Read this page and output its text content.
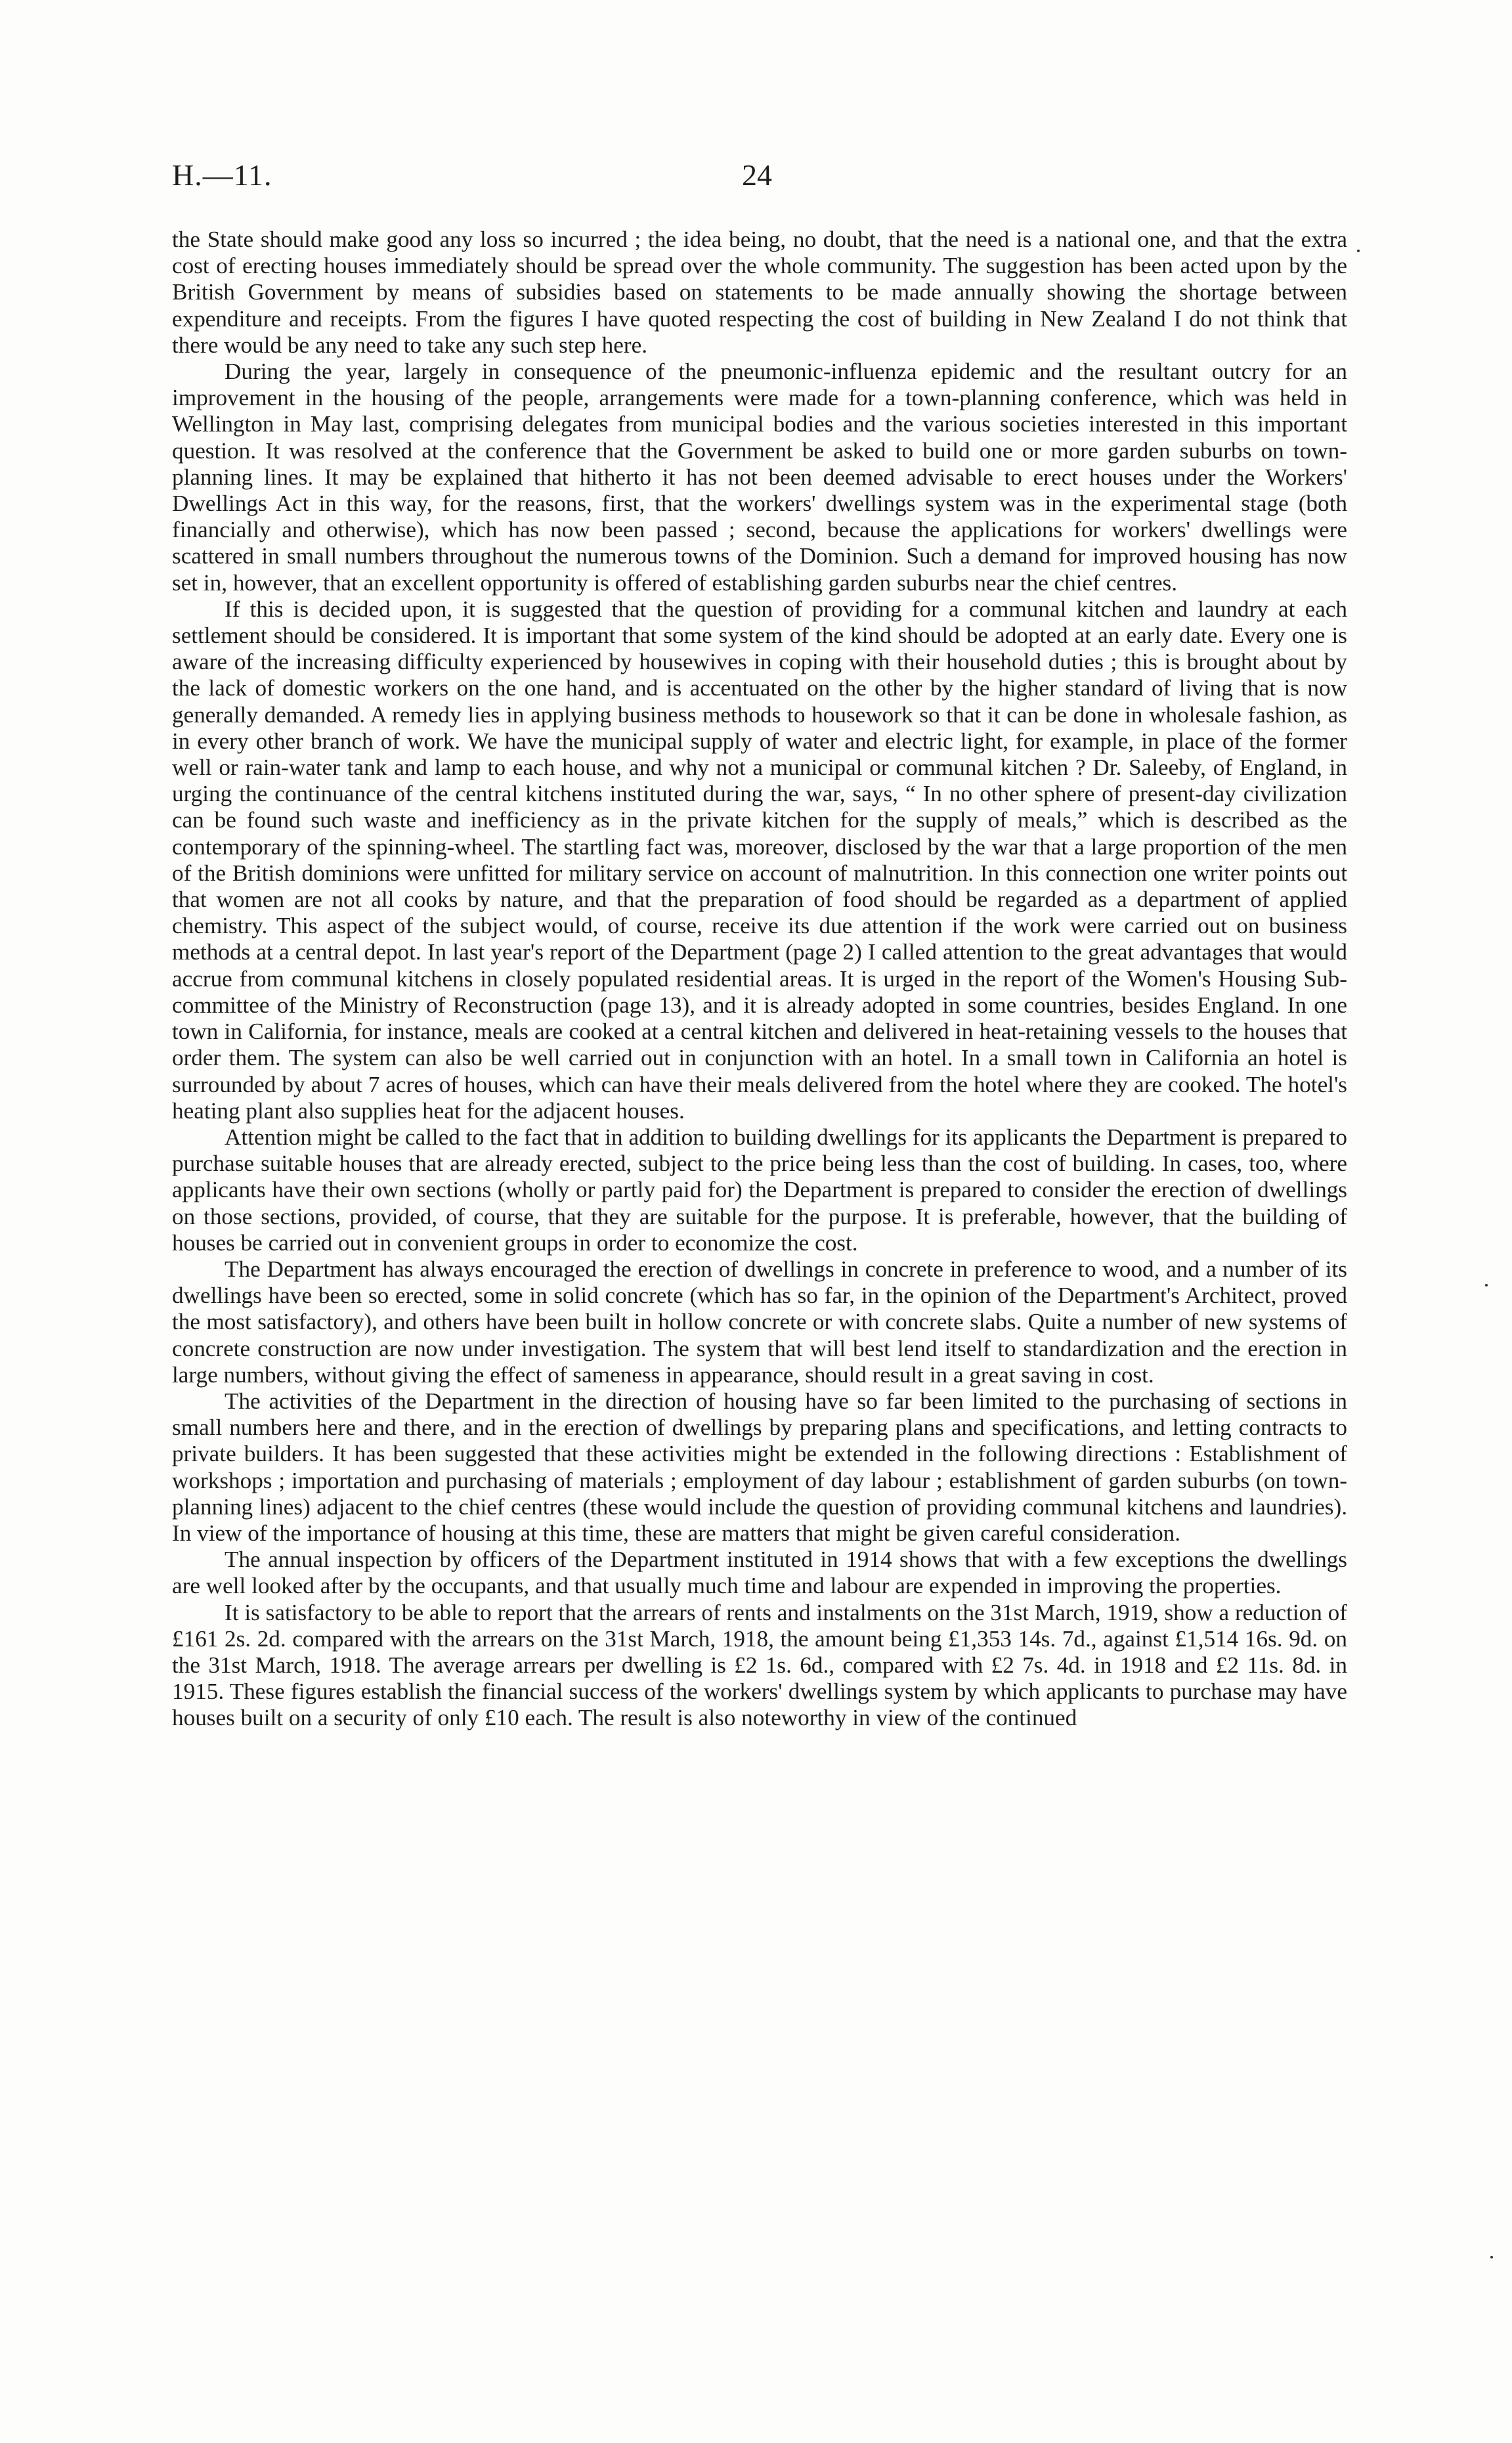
H.—11.	24

the State should make good any loss so incurred ; the idea being, no doubt, that the need is a national one, and that the extra cost of erecting houses immediately should be spread over the whole community. The suggestion has been acted upon by the British Government by means of subsidies based on statements to be made annually showing the shortage between expenditure and receipts. From the figures I have quoted respecting the cost of building in New Zealand I do not think that there would be any need to take any such step here.

During the year, largely in consequence of the pneumonic-influenza epidemic and the resultant outcry for an improvement in the housing of the people, arrangements were made for a town-planning conference, which was held in Wellington in May last, comprising delegates from municipal bodies and the various societies interested in this important question. It was resolved at the conference that the Government be asked to build one or more garden suburbs on town-planning lines. It may be explained that hitherto it has not been deemed advisable to erect houses under the Workers' Dwellings Act in this way, for the reasons, first, that the workers' dwellings system was in the experimental stage (both financially and otherwise), which has now been passed ; second, because the applications for workers' dwellings were scattered in small numbers throughout the numerous towns of the Dominion. Such a demand for improved housing has now set in, however, that an excellent opportunity is offered of establishing garden suburbs near the chief centres.

If this is decided upon, it is suggested that the question of providing for a communal kitchen and laundry at each settlement should be considered. It is important that some system of the kind should be adopted at an early date. Every one is aware of the increasing difficulty experienced by housewives in coping with their household duties ; this is brought about by the lack of domestic workers on the one hand, and is accentuated on the other by the higher standard of living that is now generally demanded. A remedy lies in applying business methods to housework so that it can be done in wholesale fashion, as in every other branch of work. We have the municipal supply of water and electric light, for example, in place of the former well or rain-water tank and lamp to each house, and why not a municipal or communal kitchen ? Dr. Saleeby, of England, in urging the continuance of the central kitchens instituted during the war, says, “ In no other sphere of present-day civilization can be found such waste and inefficiency as in the private kitchen for the supply of meals,” which is described as the contemporary of the spinning-wheel. The startling fact was, moreover, disclosed by the war that a large proportion of the men of the British dominions were unfitted for military service on account of malnutrition. In this connection one writer points out that women are not all cooks by nature, and that the preparation of food should be regarded as a department of applied chemistry. This aspect of the subject would, of course, receive its due attention if the work were carried out on business methods at a central depot. In last year's report of the Department (page 2) I called attention to the great advantages that would accrue from communal kitchens in closely populated residential areas. It is urged in the report of the Women's Housing Sub-committee of the Ministry of Reconstruction (page 13), and it is already adopted in some countries, besides England. In one town in California, for instance, meals are cooked at a central kitchen and delivered in heat-retaining vessels to the houses that order them. The system can also be well carried out in conjunction with an hotel. In a small town in California an hotel is surrounded by about 7 acres of houses, which can have their meals delivered from the hotel where they are cooked. The hotel's heating plant also supplies heat for the adjacent houses.

Attention might be called to the fact that in addition to building dwellings for its applicants the Department is prepared to purchase suitable houses that are already erected, subject to the price being less than the cost of building. In cases, too, where applicants have their own sections (wholly or partly paid for) the Department is prepared to consider the erection of dwellings on those sections, provided, of course, that they are suitable for the purpose. It is preferable, however, that the building of houses be carried out in convenient groups in order to economize the cost.

The Department has always encouraged the erection of dwellings in concrete in preference to wood, and a number of its dwellings have been so erected, some in solid concrete (which has so far, in the opinion of the Department's Architect, proved the most satisfactory), and others have been built in hollow concrete or with concrete slabs. Quite a number of new systems of concrete construction are now under investigation. The system that will best lend itself to standardization and the erection in large numbers, without giving the effect of sameness in appearance, should result in a great saving in cost.

The activities of the Department in the direction of housing have so far been limited to the purchasing of sections in small numbers here and there, and in the erection of dwellings by preparing plans and specifications, and letting contracts to private builders. It has been suggested that these activities might be extended in the following directions : Establishment of workshops ; importation and purchasing of materials ; employment of day labour ; establishment of garden suburbs (on town-planning lines) adjacent to the chief centres (these would include the question of providing communal kitchens and laundries). In view of the importance of housing at this time, these are matters that might be given careful consideration.

The annual inspection by officers of the Department instituted in 1914 shows that with a few exceptions the dwellings are well looked after by the occupants, and that usually much time and labour are expended in improving the properties.

It is satisfactory to be able to report that the arrears of rents and instalments on the 31st March, 1919, show a reduction of £161 2s. 2d. compared with the arrears on the 31st March, 1918, the amount being £1,353 14s. 7d., against £1,514 16s. 9d. on the 31st March, 1918. The average arrears per dwelling is £2 1s. 6d., compared with £2 7s. 4d. in 1918 and £2 11s. 8d. in 1915. These figures establish the financial success of the workers' dwellings system by which applicants to purchase may have houses built on a security of only £10 each. The result is also noteworthy in view of the continued
